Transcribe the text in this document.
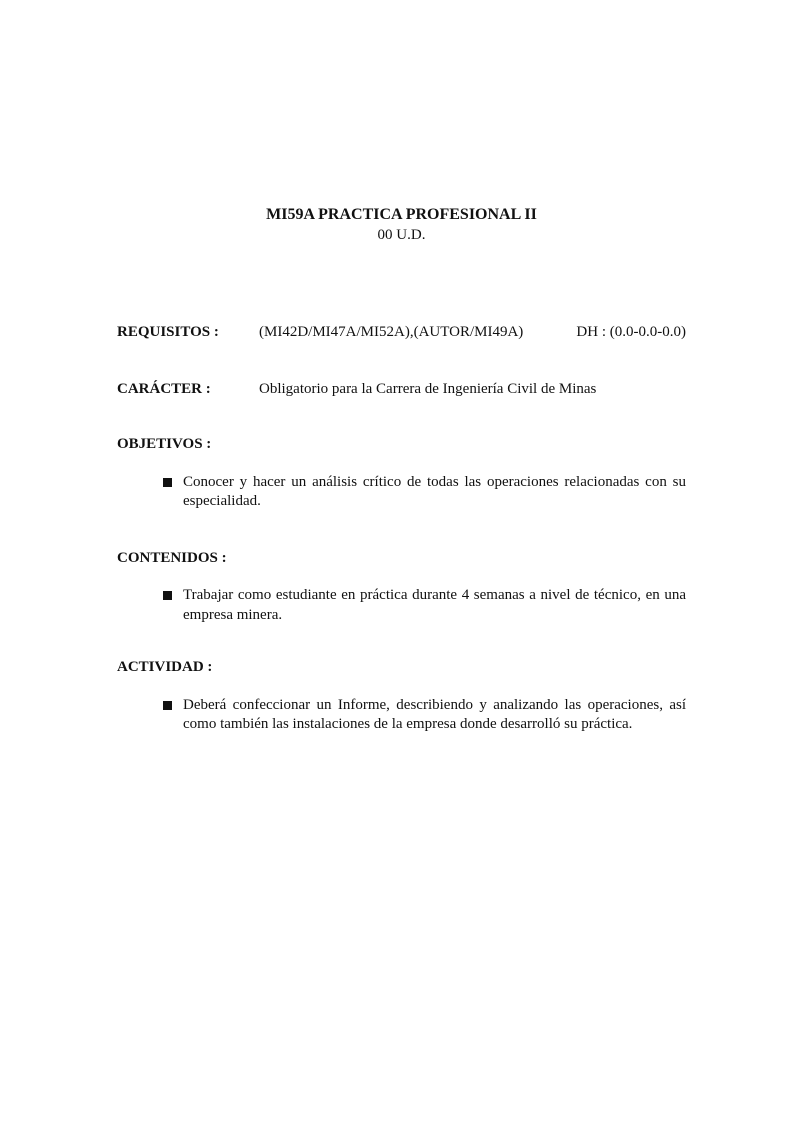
MI59A PRACTICA PROFESIONAL II
00 U.D.
REQUISITOS :	(MI42D/MI47A/MI52A),(AUTOR/MI49A)	DH : (0.0-0.0-0.0)
CARÁCTER :	Obligatorio para la Carrera de Ingeniería Civil de Minas
OBJETIVOS :
Conocer y hacer un análisis crítico de todas las operaciones relacionadas con su especialidad.
CONTENIDOS :
Trabajar como estudiante en práctica durante 4 semanas a nivel de técnico, en una empresa minera.
ACTIVIDAD :
Deberá confeccionar un Informe, describiendo y analizando las operaciones, así como también las instalaciones de la empresa donde desarrolló su práctica.
